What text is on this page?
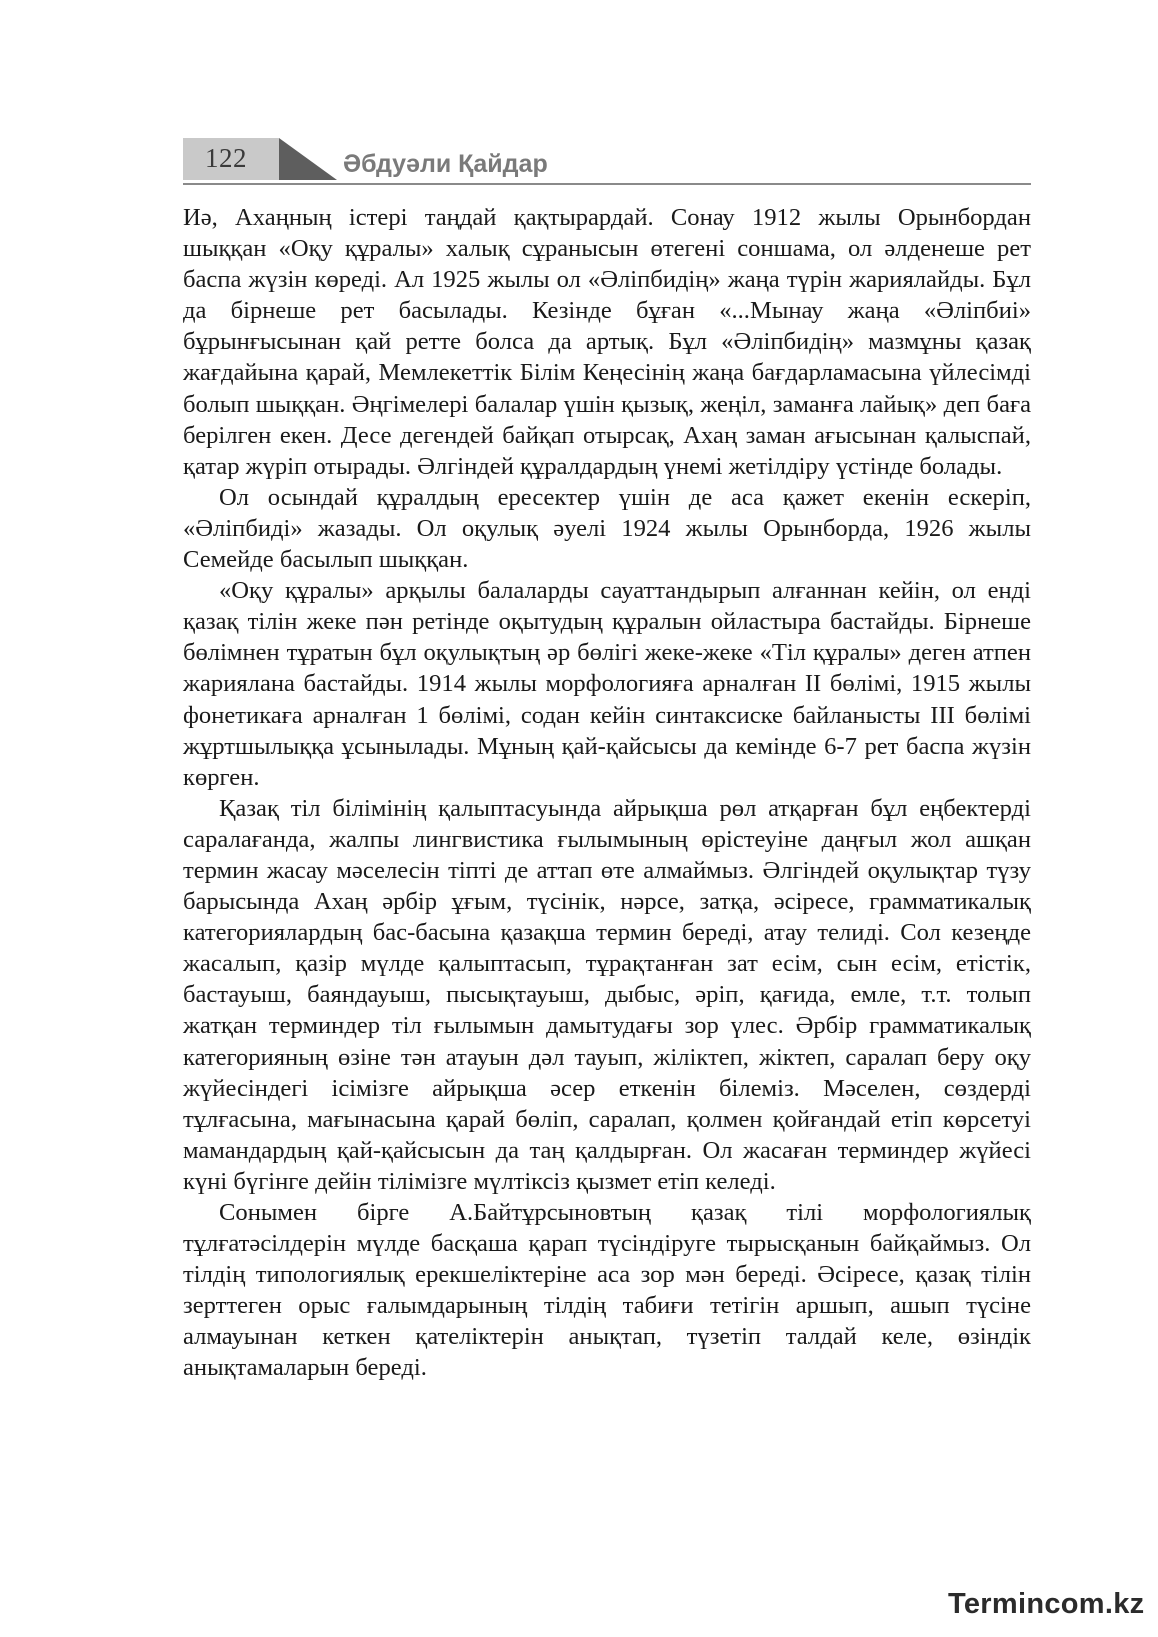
122	Әбдуәли Қайдар

Иә, Ахаңның істері таңдай қақтырардай. Сонау 1912 жылы Орынбордан шыққан «Оқу құралы» халық сұранысын өтегені соншама, ол әлденеше рет баспа жүзін көреді. Ал 1925 жылы ол «Әліпбидің» жаңа түрін жариялайды. Бұл да бірнеше рет басылады. Кезінде бұған «...Мынау жаңа «Әліпбиі» бұрынғысынан қай ретте болса да артық. Бұл «Әліпбидің» мазмұны қазақ жағдайына қарай, Мемлекеттік Білім Кеңесінің жаңа бағдарламасына үйлесімді болып шыққан. Әңгімелері балалар үшін қызық, жеңіл, заманға лайық» деп баға берілген екен. Десе дегендей байқап отырсақ, Ахаң заман ағысынан қалыспай, қатар жүріп отырады. Әлгіндей құралдардың үнемі жетілдіру үстінде болады.

Ол осындай құралдың ересектер үшін де аса қажет екенін ескеріп, «Әліпбиді» жазады. Ол оқулық әуелі 1924 жылы Орынборда, 1926 жылы Семейде басылып шыққан.

«Оқу құралы» арқылы балаларды сауаттандырып алғаннан кейін, ол енді қазақ тілін жеке пән ретінде оқытудың құралын ойластыра бастайды. Бірнеше бөлімнен тұратын бұл оқулықтың әр бөлігі жеке-жеке «Тіл құралы» деген атпен жариялана бастайды. 1914 жылы морфологияға арналған II бөлімі, 1915 жылы фонетикаға арналған 1 бөлімі, содан кейін синтаксиске байланысты III бөлімі жұртшылыққа ұсынылады. Мұның қай-қайсысы да кемінде 6-7 рет баспа жүзін көрген.

Қазақ тіл білімінің қалыптасуында айрықша рөл атқарған бұл еңбектерді саралағанда, жалпы лингвистика ғылымының өрістеуіне даңғыл жол ашқан термин жасау мәселесін тіпті де аттап өте алмаймыз. Әлгіндей оқулықтар түзу барысында Ахаң әрбір ұғым, түсінік, нәрсе, затқа, әсіресе, грамматикалық категориялардың бас-басына қазақша термин береді, атау телиді. Сол кезеңде жасалып, қазір мүлде қалыптасып, тұрақтанған зат есім, сын есім, етістік, бастауыш, баяндауыш, пысықтауыш, дыбыс, әріп, қағида, емле, т.т. толып жатқан терминдер тіл ғылымын дамытудағы зор үлес. Әрбір грамматикалық категорияның өзіне тән атауын дәл тауып, жіліктеп, жіктеп, саралап беру оқу жүйесіндегі ісімізге айрықша әсер еткенін білеміз. Мәселен, сөздерді тұлғасына, мағынасына қарай бөліп, саралап, қолмен қойғандай етіп көрсетуі мамандардың қай-қайсысын да таң қалдырған. Ол жасаған терминдер жүйесі күні бүгінге дейін тілімізге мүлтіксіз қызмет етіп келеді.

Сонымен бірге А.Байтұрсыновтың қазақ тілі морфологиялық тұлғатәсілдерін мүлде басқаша қарап түсіндіруге тырысқанын байқаймыз. Ол тілдің типологиялық ерекшеліктеріне аса зор мән береді. Әсіресе, қазақ тілін зерттеген орыс ғалымдарының тілдің табиғи тетігін аршып, ашып түсіне алмауынан кеткен қателіктерін анықтап, түзетіп талдай келе, өзіндік анықтамаларын береді.

Termincom.kz
